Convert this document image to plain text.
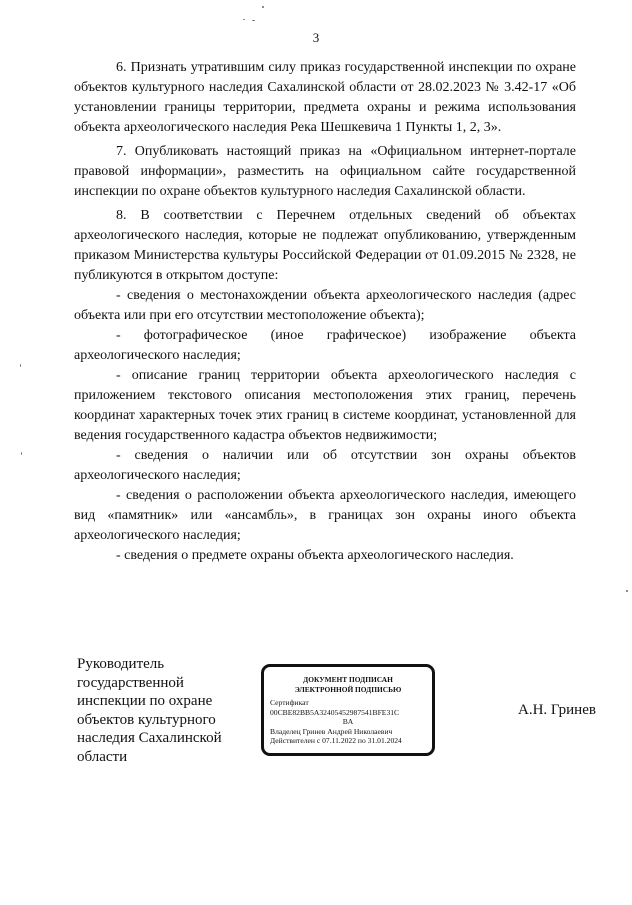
3

6. Признать утратившим силу приказ государственной инспекции по охране объектов культурного наследия Сахалинской области от 28.02.2023 № 3.42-17 «Об установлении границы территории, предмета охраны и режима использования объекта археологического наследия Река Шешкевича 1 Пункты 1, 2, 3».

7. Опубликовать настоящий приказ на «Официальном интернет-портале правовой информации», разместить на официальном сайте государственной инспекции по охране объектов культурного наследия Сахалинской области.

8. В соответствии с Перечнем отдельных сведений об объектах археологического наследия, которые не подлежат опубликованию, утвержденным приказом Министерства культуры Российской Федерации от 01.09.2015 № 2328, не публикуются в открытом доступе:

- сведения о местонахождении объекта археологического наследия (адрес объекта или при его отсутствии местоположение объекта);

- фотографическое (иное графическое) изображение объекта археологического наследия;

- описание границ территории объекта археологического наследия с приложением текстового описания местоположения этих границ, перечень координат характерных точек этих границ в системе координат, установленной для ведения государственного кадастра объектов недвижимости;

- сведения о наличии или об отсутствии зон охраны объектов археологического наследия;

- сведения о расположении объекта археологического наследия, имеющего вид «памятник» или «ансамбль», в границах зон охраны иного объекта археологического наследия;

- сведения о предмете охраны объекта археологического наследия.

Руководитель
государственной
инспекции по охране
объектов культурного
наследия Сахалинской
области
ДОКУМЕНТ ПОДПИСАН
ЭЛЕКТРОННОЙ ПОДПИСЬЮ
Сертификат 00CBE82BB5A32405452987541BFE31C
BA
Владелец Гринев Андрей Николаевич
Действителен с 07.11.2022 по 31.01.2024
А.Н. Гринев
